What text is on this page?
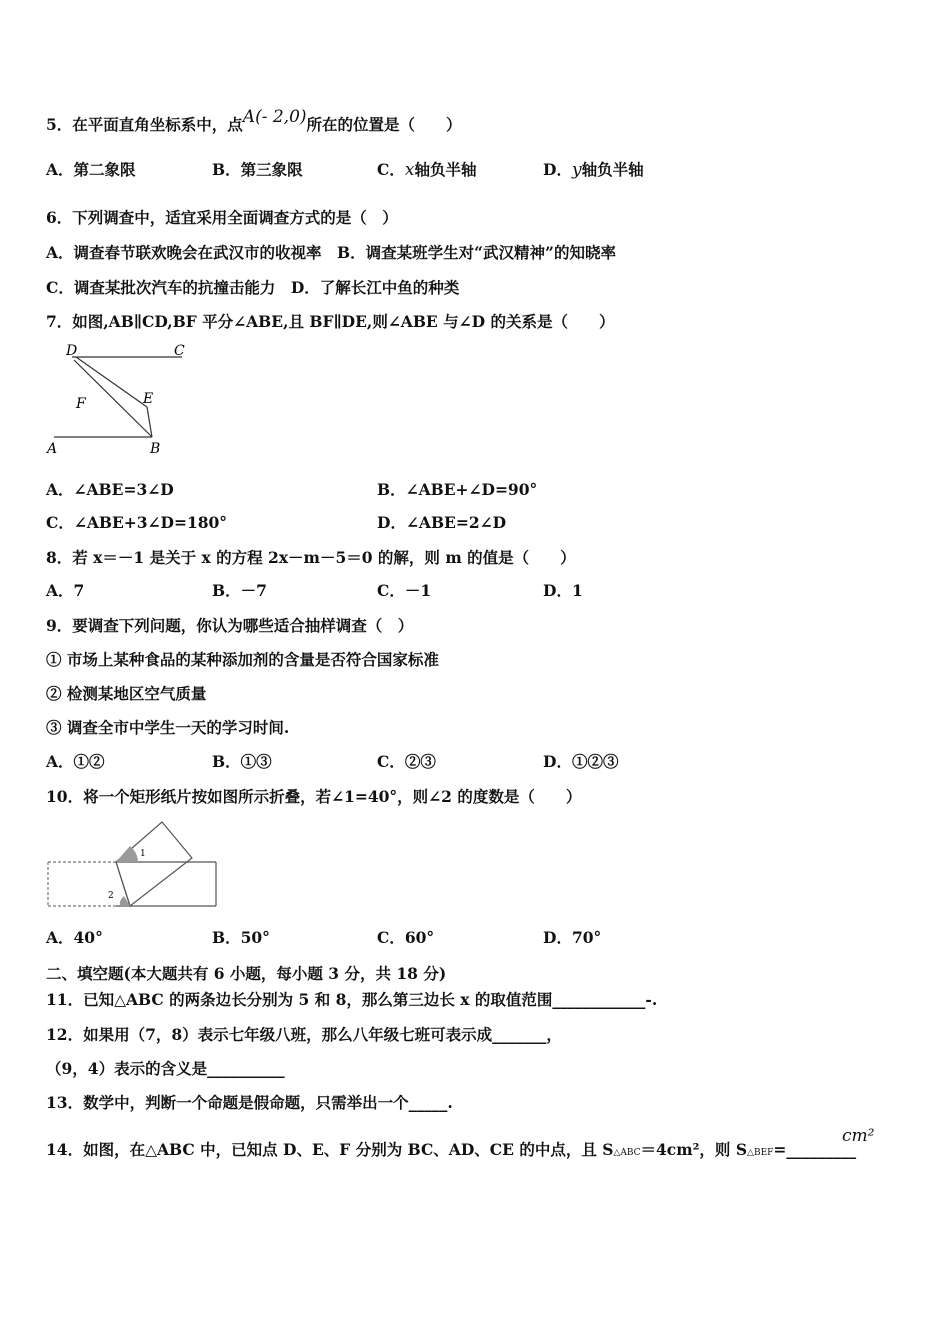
5．在平面直角坐标系中，点A(- 2,0)所在的位置是（　　）
A．第二象限	B．第三象限	C．x轴负半轴	D．y轴负半轴
6．下列调查中，适宜采用全面调查方式的是（　）
A．调查春节联欢晚会在武汉市的收视率　B．调查某班学生对“武汉精神”的知晓率
C．调查某批次汽车的抗撞击能力　D．了解长江中鱼的种类
7．如图,AB∥CD,BF 平分∠ABE,且 BF∥DE,则∠ABE 与∠D 的关系是（　　）
D	C
F	E
A	B
A．∠ABE=3∠D	B．∠ABE+∠D=90°
C．∠ABE+3∠D=180°	D．∠ABE=2∠D
8．若 x＝－1 是关于 x 的方程 2x－m－5＝0 的解，则 m 的值是（　　）
A．7	B．－7	C．－1	D．1
9．要调查下列问题，你认为哪些适合抽样调查（　）
① 市场上某种食品的某种添加剂的含量是否符合国家标准
② 检测某地区空气质量
③ 调查全市中学生一天的学习时间.
A．①②	B．①③	C．②③	D．①②③
10．将一个矩形纸片按如图所示折叠，若∠1=40°，则∠2 的度数是（　　）
1
2
A．40°	B．50°	C．60°	D．70°
二、填空题(本大题共有 6 小题，每小题 3 分，共 18 分)
11．已知△ABC 的两条边长分别为 5 和 8，那么第三边长 x 的取值范围____________-.
12．如果用（7，8）表示七年级八班，那么八年级七班可表示成_______，
（9，4）表示的含义是__________
13．数学中，判断一个命题是假命题，只需举出一个_____.
14．如图，在△ABC 中，已知点 D、E、F 分别为 BC、AD、CE 的中点，且 S△ABC＝4cm²，则 S△BEF=_________
cm²
